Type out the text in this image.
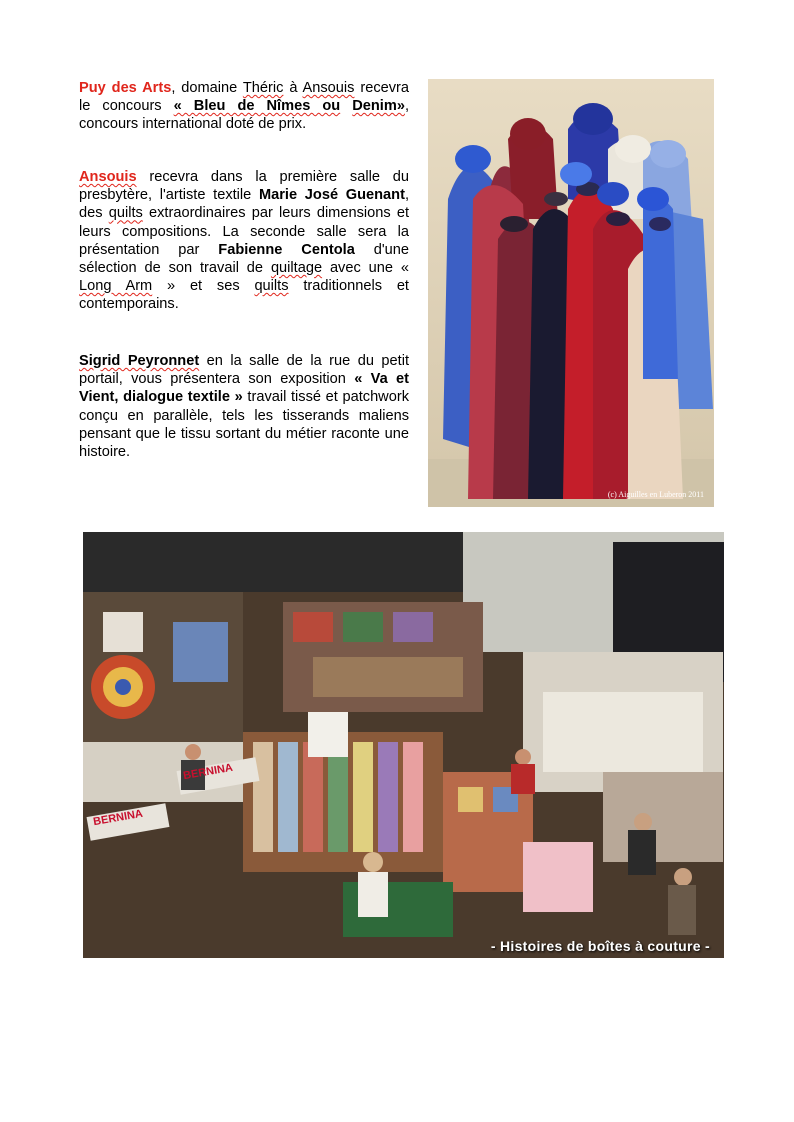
Puy des Arts, domaine Théric à Ansouis recevra le concours « Bleu de Nîmes ou Denim», concours international doté de prix.
Ansouis recevra dans la première salle du presbytère, l'artiste textile Marie José Guenant, des quilts extraordinaires par leurs dimensions et leurs compositions. La seconde salle sera la présentation par Fabienne Centola d'une sélection de son travail de quiltage avec une « Long Arm » et ses quilts traditionnels et contemporains.
Sigrid Peyronnet en la salle de la rue du petit portail, vous présentera son exposition « Va et Vient, dialogue textile » travail tissé et patchwork conçu en parallèle, tels les tisserands maliens pensant que le tissu sortant du métier raconte une histoire.
(c) Aiguilles en Luberon 2011
BERNINA
BERNINA
- Histoires de boîtes à couture -
